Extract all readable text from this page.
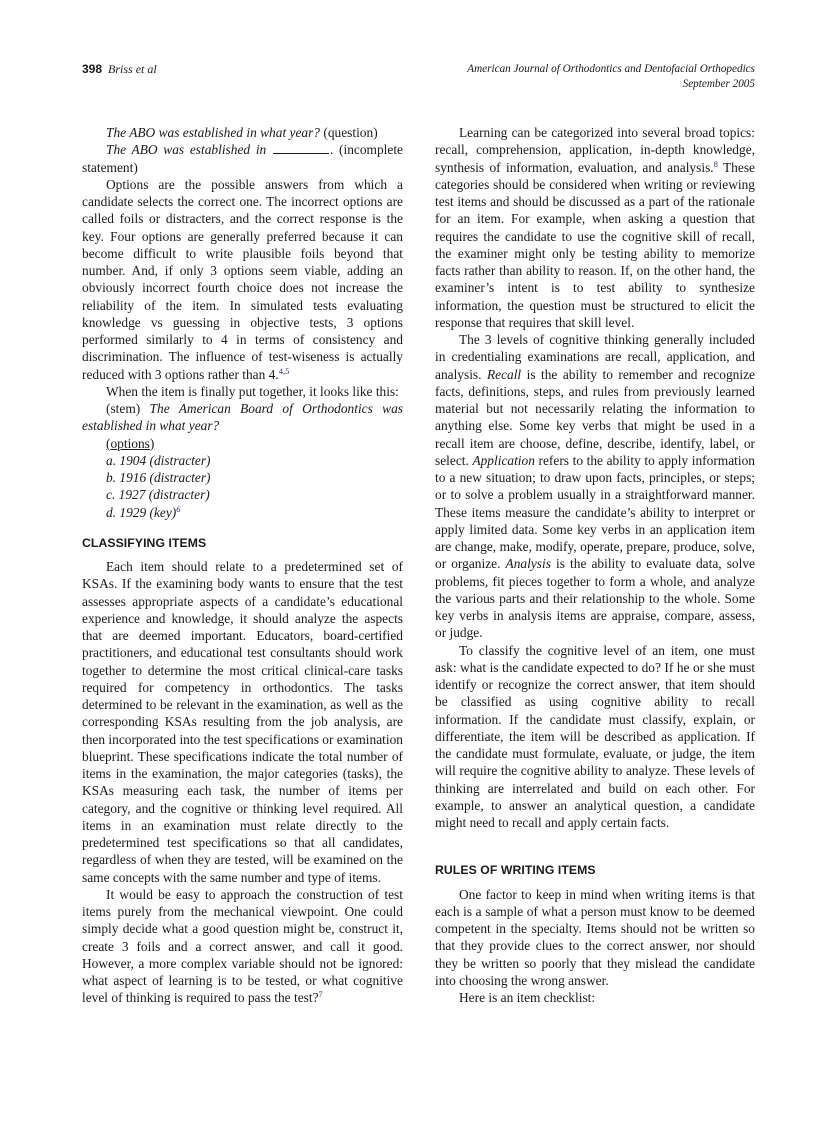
398 Briss et al	American Journal of Orthodontics and Dentofacial Orthopedics
September 2005

The ABO was established in what year? (question)

The ABO was established in	. (incomplete statement)

Options are the possible answers from which a candidate selects the correct one. The incorrect options are called foils or distracters, and the correct response is the key. Four options are generally preferred because it can become difficult to write plausible foils beyond that number. And, if only 3 options seem viable, adding an obviously incorrect fourth choice does not increase the reliability of the item. In simulated tests evaluating knowledge vs guessing in objective tests, 3 options performed similarly to 4 in terms of consistency and discrimination. The influence of test-wiseness is actually reduced with 3 options rather than 4.$^{4,5}$

When the item is finally put together, it looks like this:

(stem) The American Board of Orthodontics was established in what year?

(options)

a. 1904 (distracter)
b. 1916 (distracter)
c. 1927 (distracter)
d. 1929 (key)$^6$
CLASSIFYING ITEMS

Each item should relate to a predetermined set of KSAs. If the examining body wants to ensure that the test assesses appropriate aspects of a candidate’s educational experience and knowledge, it should analyze the aspects that are deemed important. Educators, board-certified practitioners, and educational test consultants should work together to determine the most critical clinical-care tasks required for competency in orthodontics. The tasks determined to be relevant in the examination, as well as the corresponding KSAs resulting from the job analysis, are then incorporated into the test specifications or examination blueprint. These specifications indicate the total number of items in the examination, the major categories (tasks), the KSAs measuring each task, the number of items per category, and the cognitive or thinking level required. All items in an examination must relate directly to the predetermined test specifications so that all candidates, regardless of when they are tested, will be examined on the same concepts with the same number and type of items.

It would be easy to approach the construction of test items purely from the mechanical viewpoint. One could simply decide what a good question might be, construct it, create 3 foils and a correct answer, and call it good. However, a more complex variable should not be ignored: what aspect of learning is to be tested, or what cognitive level of thinking is required to pass the test?$^7$

Learning can be categorized into several broad topics: recall, comprehension, application, in-depth knowledge, synthesis of information, evaluation, and analysis.$^8$ These categories should be considered when writing or reviewing test items and should be discussed as a part of the rationale for an item. For example, when asking a question that requires the candidate to use the cognitive skill of recall, the examiner might only be testing ability to memorize facts rather than ability to reason. If, on the other hand, the examiner’s intent is to test ability to synthesize information, the question must be structured to elicit the response that requires that skill level.

The 3 levels of cognitive thinking generally included in credentialing examinations are recall, application, and analysis. Recall is the ability to remember and recognize facts, definitions, steps, and rules from previously learned material but not necessarily relating the information to anything else. Some key verbs that might be used in a recall item are choose, define, describe, identify, label, or select. Application refers to the ability to apply information to a new situation; to draw upon facts, principles, or steps; or to solve a problem usually in a straightforward manner. These items measure the candidate’s ability to interpret or apply limited data. Some key verbs in an application item are change, make, modify, operate, prepare, produce, solve, or organize. Analysis is the ability to evaluate data, solve problems, fit pieces together to form a whole, and analyze the various parts and their relationship to the whole. Some key verbs in analysis items are appraise, compare, assess, or judge.

To classify the cognitive level of an item, one must ask: what is the candidate expected to do? If he or she must identify or recognize the correct answer, that item should be classified as using cognitive ability to recall information. If the candidate must classify, explain, or differentiate, the item will be described as application. If the candidate must formulate, evaluate, or judge, the item will require the cognitive ability to analyze. These levels of thinking are interrelated and build on each other. For example, to answer an analytical question, a candidate might need to recall and apply certain facts.

RULES OF WRITING ITEMS

One factor to keep in mind when writing items is that each is a sample of what a person must know to be deemed competent in the specialty. Items should not be written so that they provide clues to the correct answer, nor should they be written so poorly that they mislead the candidate into choosing the wrong answer.

Here is an item checklist:
